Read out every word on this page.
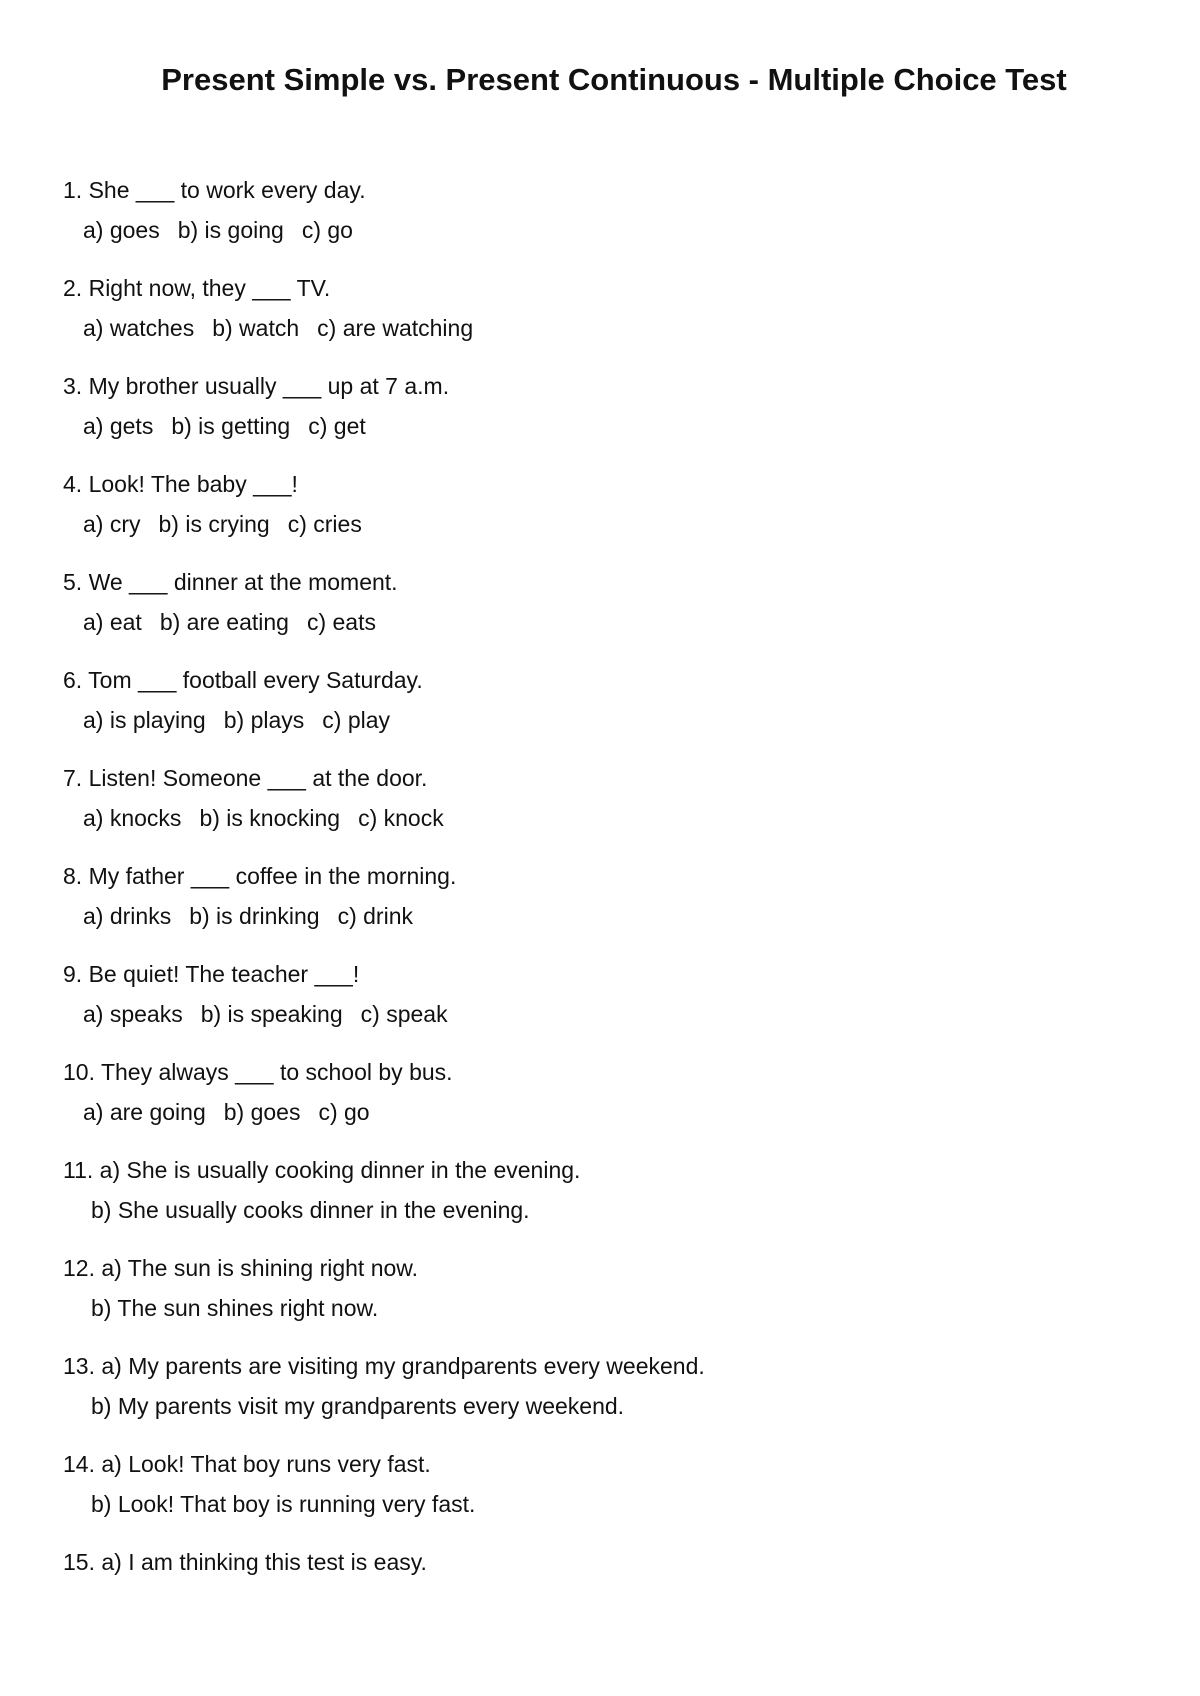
Present Simple vs. Present Continuous - Multiple Choice Test
1. She ___ to work every day.
a) goes b) is going c) go
2. Right now, they ___ TV.
a) watches b) watch c) are watching
3. My brother usually ___ up at 7 a.m.
a) gets b) is getting c) get
4. Look! The baby ___!
a) cry b) is crying c) cries
5. We ___ dinner at the moment.
a) eat b) are eating c) eats
6. Tom ___ football every Saturday.
a) is playing b) plays c) play
7. Listen! Someone ___ at the door.
a) knocks b) is knocking c) knock
8. My father ___ coffee in the morning.
a) drinks b) is drinking c) drink
9. Be quiet! The teacher ___!
a) speaks b) is speaking c) speak
10. They always ___ to school by bus.
a) are going b) goes c) go
11. a) She is usually cooking dinner in the evening.
b) She usually cooks dinner in the evening.
12. a) The sun is shining right now.
b) The sun shines right now.
13. a) My parents are visiting my grandparents every weekend.
b) My parents visit my grandparents every weekend.
14. a) Look! That boy runs very fast.
b) Look! That boy is running very fast.
15. a) I am thinking this test is easy.
